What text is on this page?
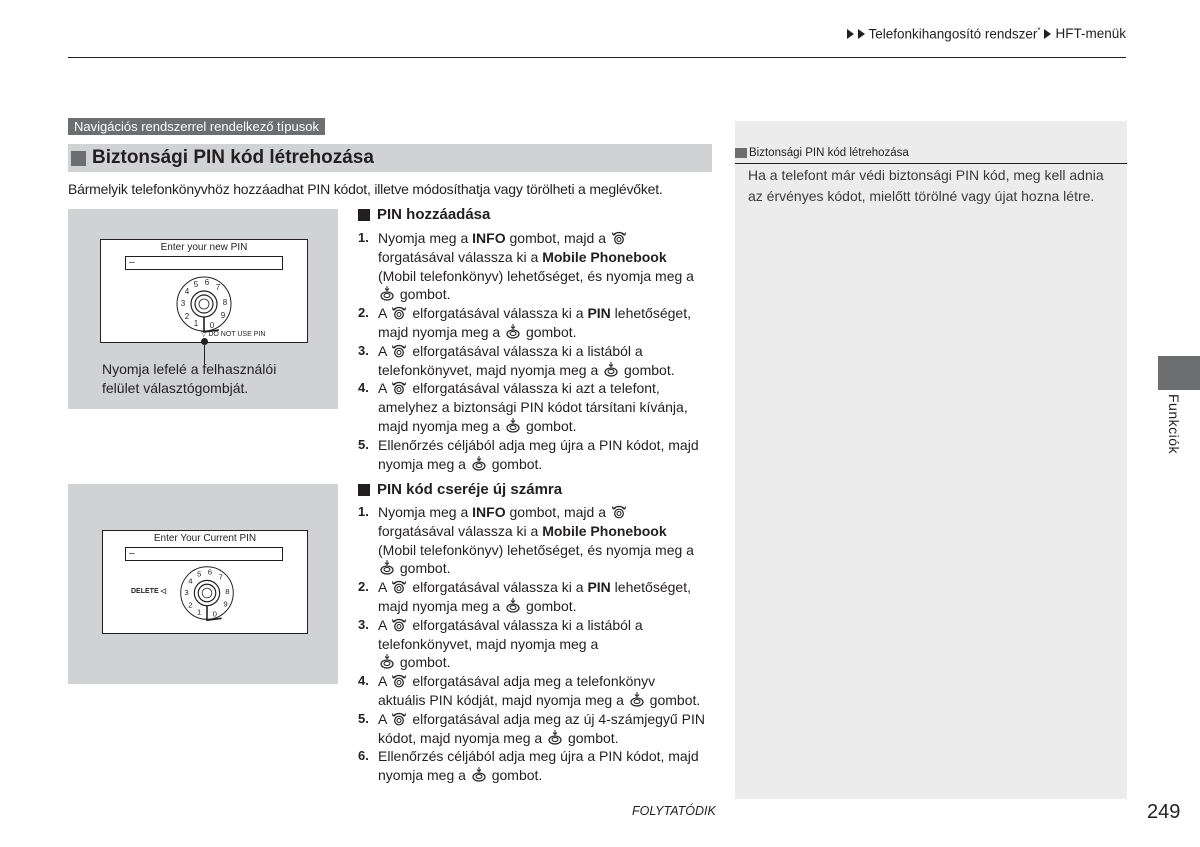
Telefonkihangosító rendszer* HFT-menük
Navigációs rendszerrel rendelkező típusok
Biztonsági PIN kód létrehozása
Bármelyik telefonkönyvhöz hozzáadhat PIN kódot, illetve módosíthatja vagy törölheti a meglévőket.
Enter your new PIN
–
4
5 6
7
3	8
2
1 0
9
▽ DO NOT USE PIN
Nyomja lefelé a felhasználói
felület választógombját.
Enter Your Current PIN
–
DELETE ◁
4
5 6
7
3	8
2
1 0
9
PIN hozzáadása
1. Nyomja meg a INFO gombot, majd a
forgatásával válassza ki a Mobile Phonebook
(Mobil telefonkönyv) lehetőséget, és nyomja meg a
gombot.
2. A  elforgatásával válassza ki a PIN lehetőséget,
majd nyomja meg a  gombot.
3. A  elforgatásával válassza ki a listából a
telefonkönyvet, majd nyomja meg a  gombot.
4. A  elforgatásával válassza ki azt a telefont,
amelyhez a biztonsági PIN kódot társítani kívánja,
majd nyomja meg a  gombot.
5. Ellenőrzés céljából adja meg újra a PIN kódot, majd
nyomja meg a  gombot.
PIN kód cseréje új számra
1. Nyomja meg a INFO gombot, majd a
forgatásával válassza ki a Mobile Phonebook
(Mobil telefonkönyv) lehetőséget, és nyomja meg a
gombot.
2. A  elforgatásával válassza ki a PIN lehetőséget,
majd nyomja meg a  gombot.
3. A  elforgatásával válassza ki a listából a
telefonkönyvet, majd nyomja meg a
gombot.
4. A  elforgatásával adja meg a telefonkönyv
aktuális PIN kódját, majd nyomja meg a  gombot.
5. A  elforgatásával adja meg az új 4-számjegyű PIN
kódot, majd nyomja meg a  gombot.
6. Ellenőrzés céljából adja meg újra a PIN kódot, majd
nyomja meg a  gombot.
Biztonsági PIN kód létrehozása
Ha a telefont már védi biztonsági PIN kód, meg kell adnia az érvényes kódot, mielőtt törölné vagy újat hozna létre.
Funkciók
FOLYTATÓDIK	249
